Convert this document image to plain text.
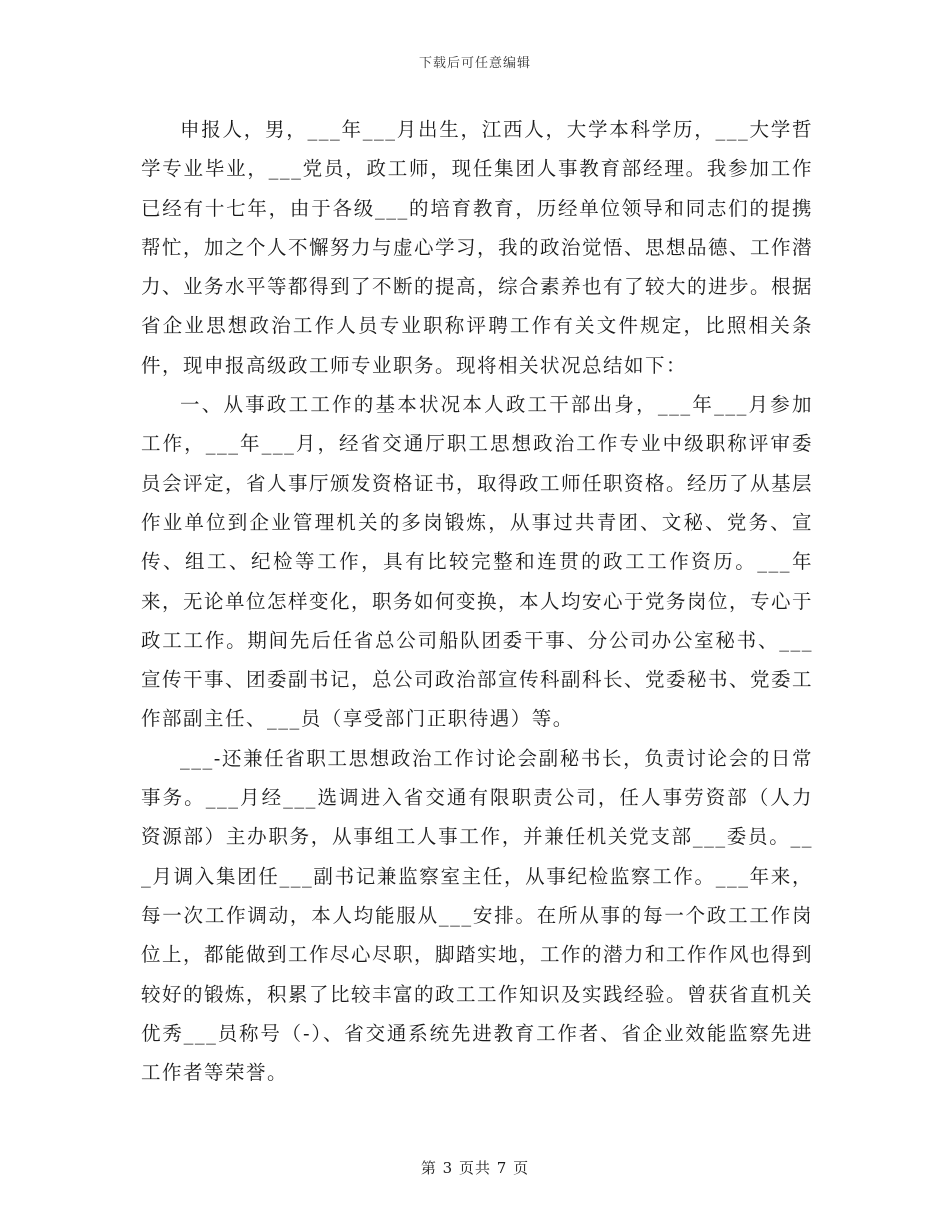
下载后可任意编辑

申报人，男，___年___月出生，江西人，大学本科学历，___大学哲学专业毕业，___党员，政工师，现任集团人事教育部经理。我参加工作已经有十七年，由于各级___的培育教育，历经单位领导和同志们的提携帮忙，加之个人不懈努力与虚心学习，我的政治觉悟、思想品德、工作潜力、业务水平等都得到了不断的提高，综合素养也有了较大的进步。根据省企业思想政治工作人员专业职称评聘工作有关文件规定，比照相关条件，现申报高级政工师专业职务。现将相关状况总结如下：

一、从事政工工作的基本状况本人政工干部出身，___年___月参加工作，___年___月，经省交通厅职工思想政治工作专业中级职称评审委员会评定，省人事厅颁发资格证书，取得政工师任职资格。经历了从基层作业单位到企业管理机关的多岗锻炼，从事过共青团、文秘、党务、宣传、组工、纪检等工作，具有比较完整和连贯的政工工作资历。___年来，无论单位怎样变化，职务如何变换，本人均安心于党务岗位，专心于政工工作。期间先后任省总公司船队团委干事、分公司办公室秘书、___宣传干事、团委副书记，总公司政治部宣传科副科长、党委秘书、党委工作部副主任、___员（享受部门正职待遇）等。

___-还兼任省职工思想政治工作讨论会副秘书长，负责讨论会的日常事务。___月经___选调进入省交通有限职责公司，任人事劳资部（人力资源部）主办职务，从事组工人事工作，并兼任机关党支部___委员。___月调入集团任___副书记兼监察室主任，从事纪检监察工作。___年来，每一次工作调动，本人均能服从___安排。在所从事的每一个政工工作岗位上，都能做到工作尽心尽职，脚踏实地，工作的潜力和工作作风也得到较好的锻炼，积累了比较丰富的政工工作知识及实践经验。曾获省直机关优秀___员称号（-）、省交通系统先进教育工作者、省企业效能监察先进工作者等荣誉。

第 3 页共 7 页
